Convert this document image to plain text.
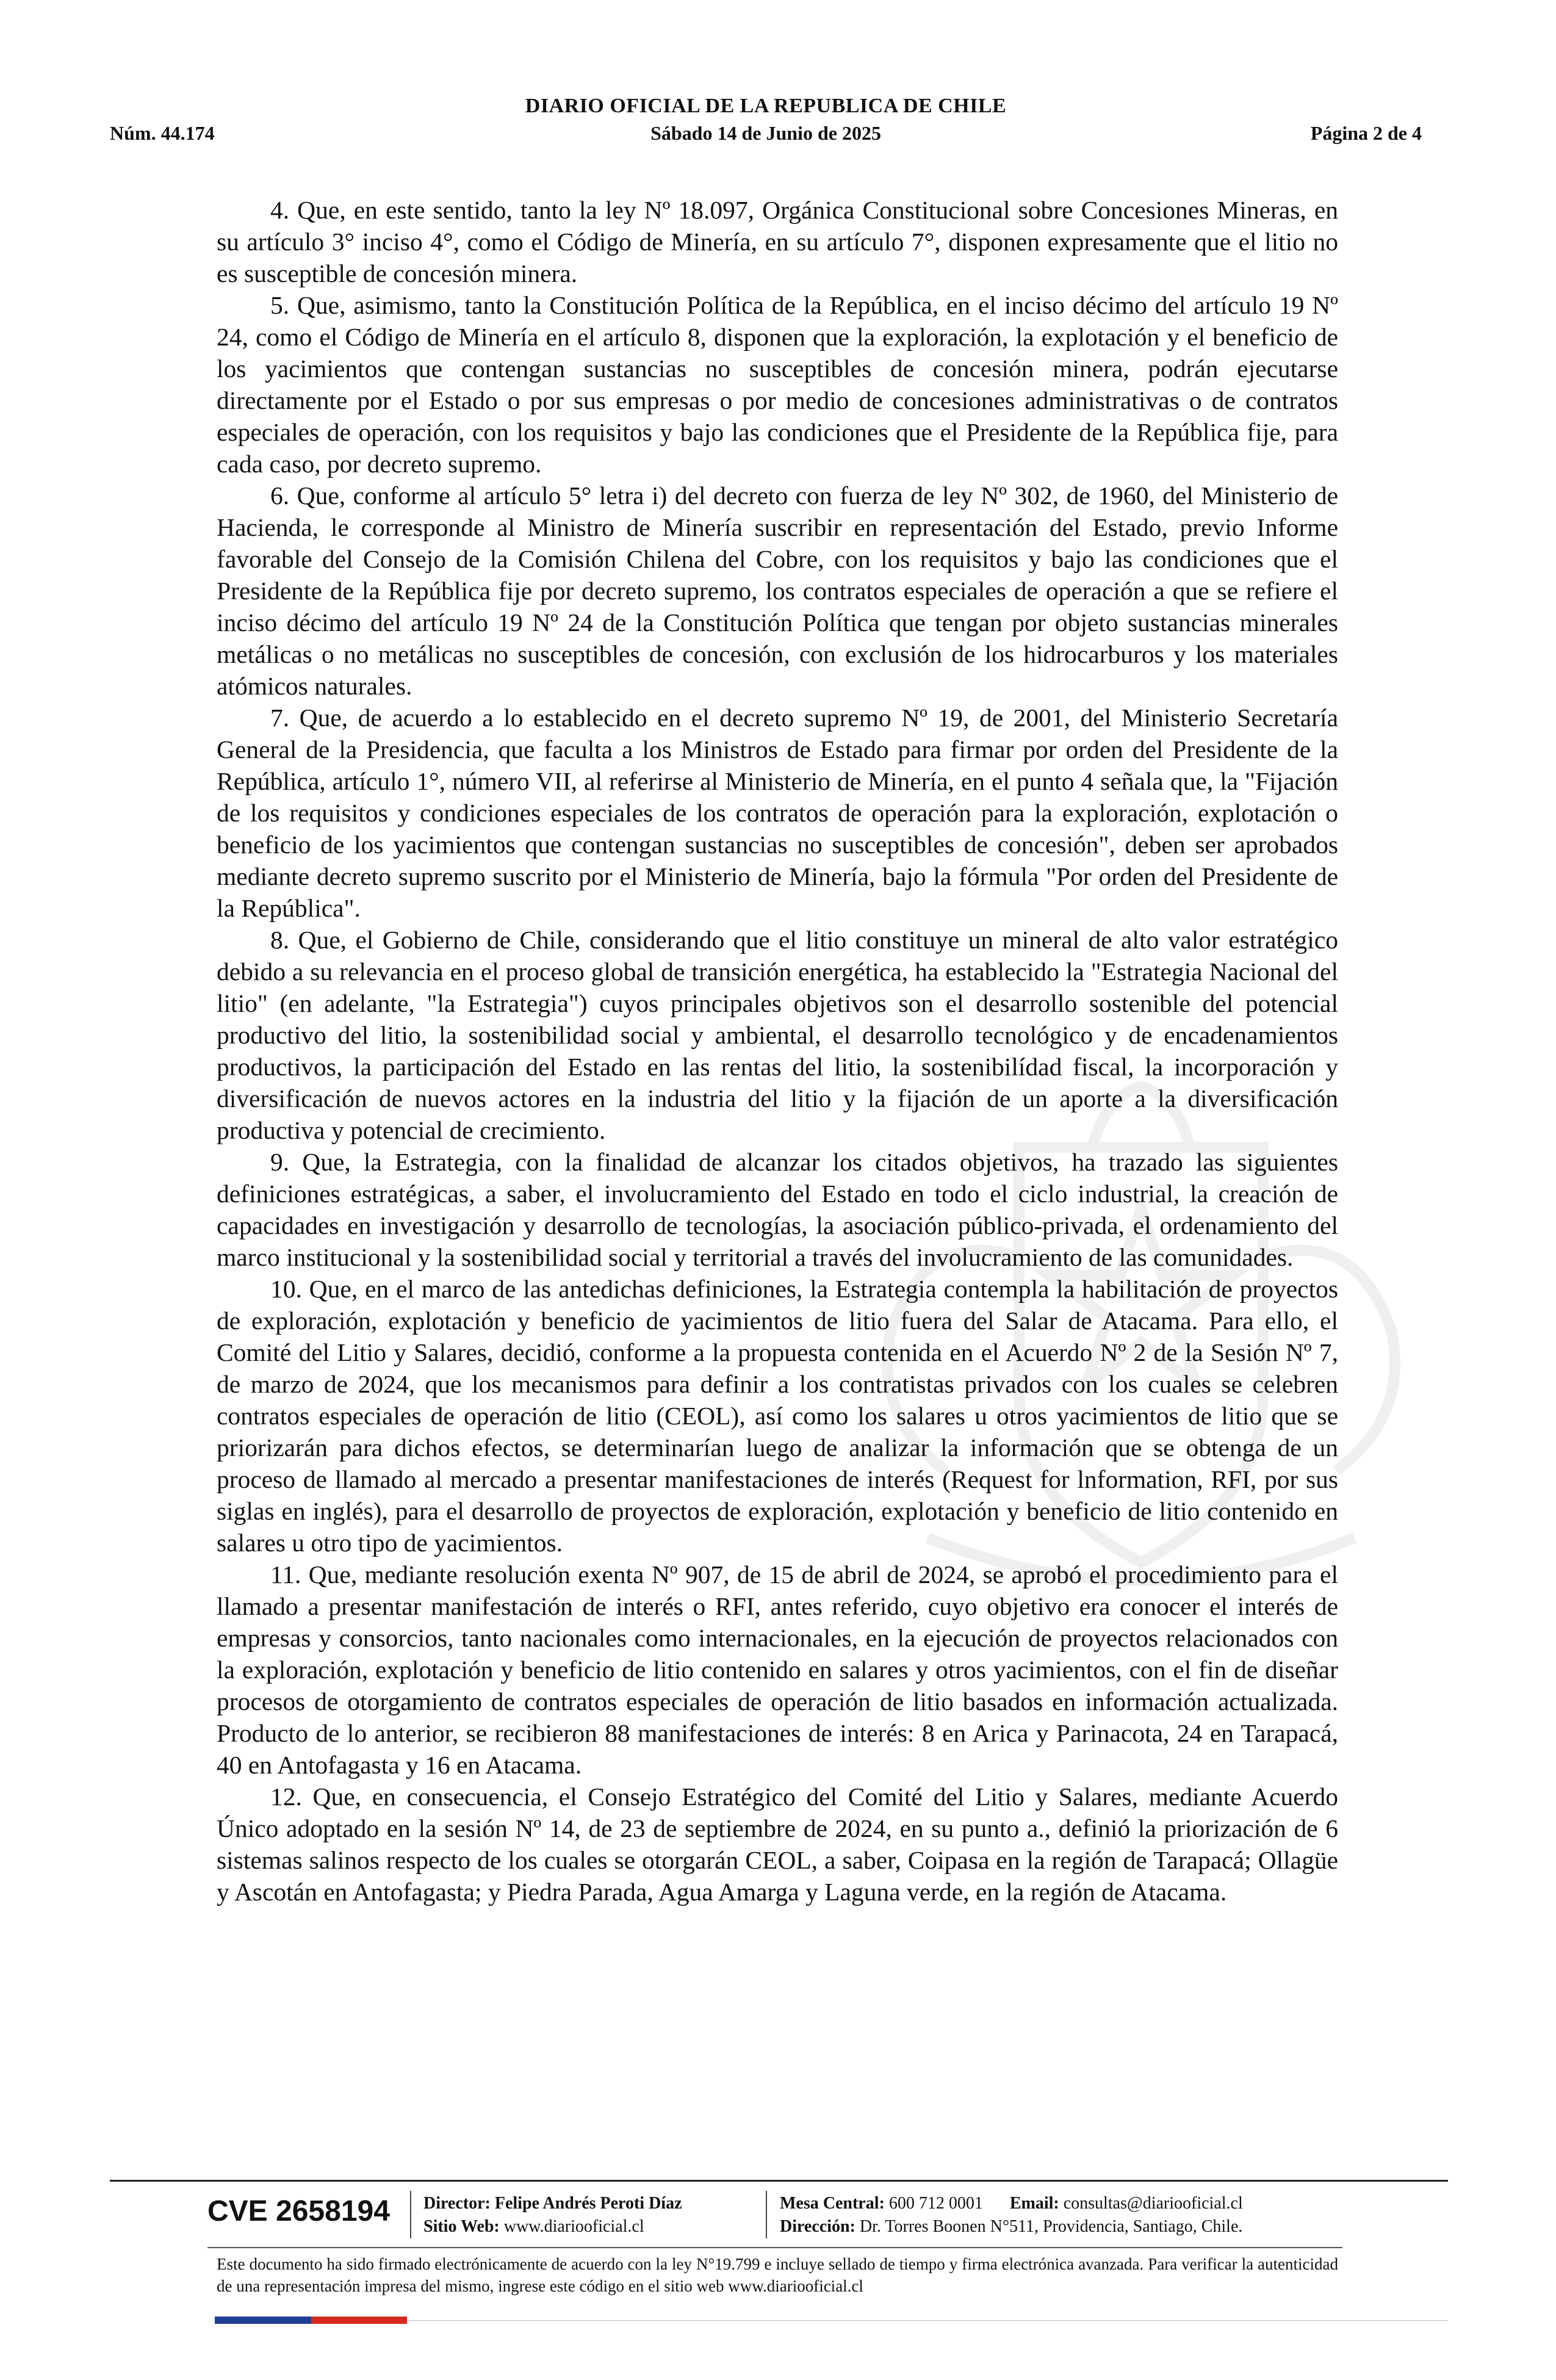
DIARIO OFICIAL DE LA REPUBLICA DE CHILE
Núm. 44.174	Sábado 14 de Junio de 2025	Página 2 de 4

4. Que, en este sentido, tanto la ley Nº 18.097, Orgánica Constitucional sobre Concesiones Mineras, en su artículo 3° inciso 4°, como el Código de Minería, en su artículo 7°, disponen expresamente que el litio no es susceptible de concesión minera.

5. Que, asimismo, tanto la Constitución Política de la República, en el inciso décimo del artículo 19 Nº 24, como el Código de Minería en el artículo 8, disponen que la exploración, la explotación y el beneficio de los yacimientos que contengan sustancias no susceptibles de concesión minera, podrán ejecutarse directamente por el Estado o por sus empresas o por medio de concesiones administrativas o de contratos especiales de operación, con los requisitos y bajo las condiciones que el Presidente de la República fije, para cada caso, por decreto supremo.

6. Que, conforme al artículo 5° letra i) del decreto con fuerza de ley Nº 302, de 1960, del Ministerio de Hacienda, le corresponde al Ministro de Minería suscribir en representación del Estado, previo Informe favorable del Consejo de la Comisión Chilena del Cobre, con los requisitos y bajo las condiciones que el Presidente de la República fije por decreto supremo, los contratos especiales de operación a que se refiere el inciso décimo del artículo 19 Nº 24 de la Constitución Política que tengan por objeto sustancias minerales metálicas o no metálicas no susceptibles de concesión, con exclusión de los hidrocarburos y los materiales atómicos naturales.

7. Que, de acuerdo a lo establecido en el decreto supremo Nº 19, de 2001, del Ministerio Secretaría General de la Presidencia, que faculta a los Ministros de Estado para firmar por orden del Presidente de la República, artículo 1°, número VII, al referirse al Ministerio de Minería, en el punto 4 señala que, la "Fijación de los requisitos y condiciones especiales de los contratos de operación para la exploración, explotación o beneficio de los yacimientos que contengan sustancias no susceptibles de concesión", deben ser aprobados mediante decreto supremo suscrito por el Ministerio de Minería, bajo la fórmula "Por orden del Presidente de la República".

8. Que, el Gobierno de Chile, considerando que el litio constituye un mineral de alto valor estratégico debido a su relevancia en el proceso global de transición energética, ha establecido la "Estrategia Nacional del litio" (en adelante, "la Estrategia") cuyos principales objetivos son el desarrollo sostenible del potencial productivo del litio, la sostenibilidad social y ambiental, el desarrollo tecnológico y de encadenamientos productivos, la participación del Estado en las rentas del litio, la sostenibilídad fiscal, la incorporación y diversificación de nuevos actores en la industria del litio y la fijación de un aporte a la diversificación productiva y potencial de crecimiento.

9. Que, la Estrategia, con la finalidad de alcanzar los citados objetivos, ha trazado las siguientes definiciones estratégicas, a saber, el involucramiento del Estado en todo el ciclo industrial, la creación de capacidades en investigación y desarrollo de tecnologías, la asociación público-privada, el ordenamiento del marco institucional y la sostenibilidad social y territorial a través del involucramiento de las comunidades.

10. Que, en el marco de las antedichas definiciones, la Estrategia contempla la habilitación de proyectos de exploración, explotación y beneficio de yacimientos de litio fuera del Salar de Atacama. Para ello, el Comité del Litio y Salares, decidió, conforme a la propuesta contenida en el Acuerdo Nº 2 de la Sesión Nº 7, de marzo de 2024, que los mecanismos para definir a los contratistas privados con los cuales se celebren contratos especiales de operación de litio (CEOL), así como los salares u otros yacimientos de litio que se priorizarán para dichos efectos, se determinarían luego de analizar la información que se obtenga de un proceso de llamado al mercado a presentar manifestaciones de interés (Request for lnformation, RFI, por sus siglas en inglés), para el desarrollo de proyectos de exploración, explotación y beneficio de litio contenido en salares u otro tipo de yacimientos.

11. Que, mediante resolución exenta Nº 907, de 15 de abril de 2024, se aprobó el procedimiento para el llamado a presentar manifestación de interés o RFI, antes referido, cuyo objetivo era conocer el interés de empresas y consorcios, tanto nacionales como internacionales, en la ejecución de proyectos relacionados con la exploración, explotación y beneficio de litio contenido en salares y otros yacimientos, con el fin de diseñar procesos de otorgamiento de contratos especiales de operación de litio basados en información actualizada. Producto de lo anterior, se recibieron 88 manifestaciones de interés: 8 en Arica y Parinacota, 24 en Tarapacá, 40 en Antofagasta y 16 en Atacama.

12. Que, en consecuencia, el Consejo Estratégico del Comité del Litio y Salares, mediante Acuerdo Único adoptado en la sesión Nº 14, de 23 de septiembre de 2024, en su punto a., definió la priorización de 6 sistemas salinos respecto de los cuales se otorgarán CEOL, a saber, Coipasa en la región de Tarapacá; Ollagüe y Ascotán en Antofagasta; y Piedra Parada, Agua Amarga y Laguna verde, en la región de Atacama.

CVE 2658194 Director: Felipe Andrés Peroti Díaz
Sitio Web: www.diariooficial.cl
Mesa Central: 600 712 0001 Email: consultas@diariooficial.cl
Dirección: Dr. Torres Boonen N°511, Providencia, Santiago, Chile.

Este documento ha sido firmado electrónicamente de acuerdo con la ley N°19.799 e incluye sellado de tiempo y firma electrónica avanzada. Para verificar la autenticidad de una representación impresa del mismo, ingrese este código en el sitio web www.diariooficial.cl
